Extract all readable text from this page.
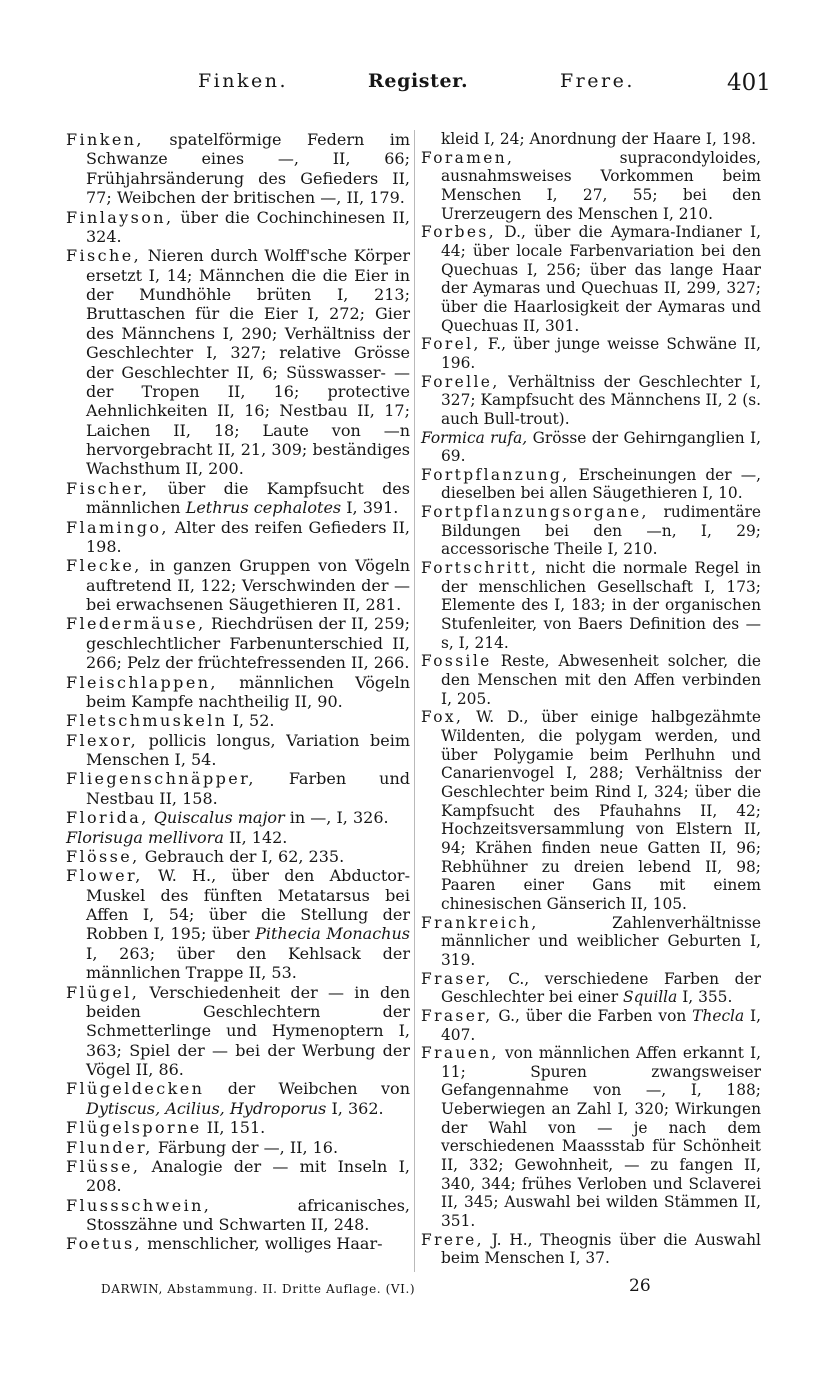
Finken.	Register.	Frere.	401
Finken, spatelförmige Federn im Schwanze eines —, II, 66; Frühjahrsänderung des Gefieders II, 77; Weibchen der britischen —, II, 179.
Finlayson, über die Cochinchinesen II, 324.
Fische, Nieren durch Wolff'sche Körper ersetzt I, 14; Männchen die die Eier in der Mundhöhle brüten I, 213; Bruttaschen für die Eier I, 272; Gier des Männchens I, 290; Verhältniss der Geschlechter I, 327; relative Grösse der Geschlechter II, 6; Süsswasser- — der Tropen II, 16; protective Aehnlichkeiten II, 16; Nestbau II, 17; Laichen II, 18; Laute von —n hervorgebracht II, 21, 309; beständiges Wachsthum II, 200.
Fischer, über die Kampfsucht des männlichen Lethrus cephalotes I, 391.
Flamingo, Alter des reifen Gefieders II, 198.
Flecke, in ganzen Gruppen von Vögeln auftretend II, 122; Verschwinden der — bei erwachsenen Säugethieren II, 281.
Fledermäuse, Riechdrüsen der II, 259; geschlechtlicher Farbenunterschied II, 266; Pelz der früchtefressenden II, 266.
Fleischlappen, männlichen Vögeln beim Kampfe nachtheilig II, 90.
Fletschmuskeln I, 52.
Flexor, pollicis longus, Variation beim Menschen I, 54.
Fliegenschnäpper, Farben und Nestbau II, 158.
Florida, Quiscalus major in —, I, 326.
Florisuga mellivora II, 142.
Flösse, Gebrauch der I, 62, 235.
Flower, W. H., über den Abductor-Muskel des fünften Metatarsus bei Affen I, 54; über die Stellung der Robben I, 195; über Pithecia Monachus I, 263; über den Kehlsack der männlichen Trappe II, 53.
Flügel, Verschiedenheit der — in den beiden Geschlechtern der Schmetterlinge und Hymenoptern I, 363; Spiel der — bei der Werbung der Vögel II, 86.
Flügeldecken der Weibchen von Dytiscus, Acilius, Hydroporus I, 362.
Flügelsporne II, 151.
Flunder, Färbung der —, II, 16.
Flüsse, Analogie der — mit Inseln I, 208.
Flussschwein,	africanisches, Stosszähne und Schwarten II, 248.
Foetus, menschlicher, wolliges Haar-
kleid I, 24; Anordnung der Haare I, 198.
Foramen,	supracondyloides, ausnahmsweises Vorkommen beim Menschen I, 27, 55; bei den Urerzeugern des Menschen I, 210.
Forbes, D., über die Aymara-Indianer I, 44; über locale Farbenvariation bei den Quechuas I, 256; über das lange Haar der Aymaras und Quechuas II, 299, 327; über die Haarlosigkeit der Aymaras und Quechuas II, 301.
Forel, F., über junge weisse Schwäne II, 196.
Forelle, Verhältniss der Geschlechter I, 327; Kampfsucht des Männchens II, 2 (s. auch Bull-trout).
Formica rufa, Grösse der Gehirnganglien I, 69.
Fortpflanzung, Erscheinungen der —, dieselben bei allen Säugethieren I, 10.
Fortpflanzungsorgane, rudimentäre Bildungen bei den —n, I, 29; accessorische Theile I, 210.
Fortschritt, nicht die normale Regel in der menschlichen Gesellschaft I, 173; Elemente des I, 183; in der organischen Stufenleiter, von Baers Definition des —s, I, 214.
Fossile Reste, Abwesenheit solcher, die den Menschen mit den Affen verbinden I, 205.
Fox, W. D., über einige halbgezähmte Wildenten, die polygam werden, und über Polygamie beim Perlhuhn und Canarienvogel I, 288; Verhältniss der Geschlechter beim Rind I, 324; über die Kampfsucht des Pfauhahns II, 42; Hochzeitsversammlung von Elstern II, 94; Krähen finden neue Gatten II, 96; Rebhühner zu dreien lebend II, 98; Paaren einer Gans mit einem chinesischen Gänserich II, 105.
Frankreich,	Zahlenverhältnisse männlicher und weiblicher Geburten I, 319.
Fraser, C., verschiedene Farben der Geschlechter bei einer Squilla I, 355.
Fraser, G., über die Farben von Thecla I, 407.
Frauen, von männlichen Affen erkannt I, 11; Spuren zwangsweiser Gefangennahme von —, I, 188; Ueberwiegen an Zahl I, 320; Wirkungen der Wahl von — je nach dem verschiedenen Maassstab für Schönheit II, 332; Gewohnheit, — zu fangen II, 340, 344; frühes Verloben und Sclaverei II, 345; Auswahl bei wilden Stämmen II, 351.
Frere, J. H., Theognis über die Auswahl beim Menschen I, 37.
DARWIN, Abstammung. II. Dritte Auflage. (VI.)	26
